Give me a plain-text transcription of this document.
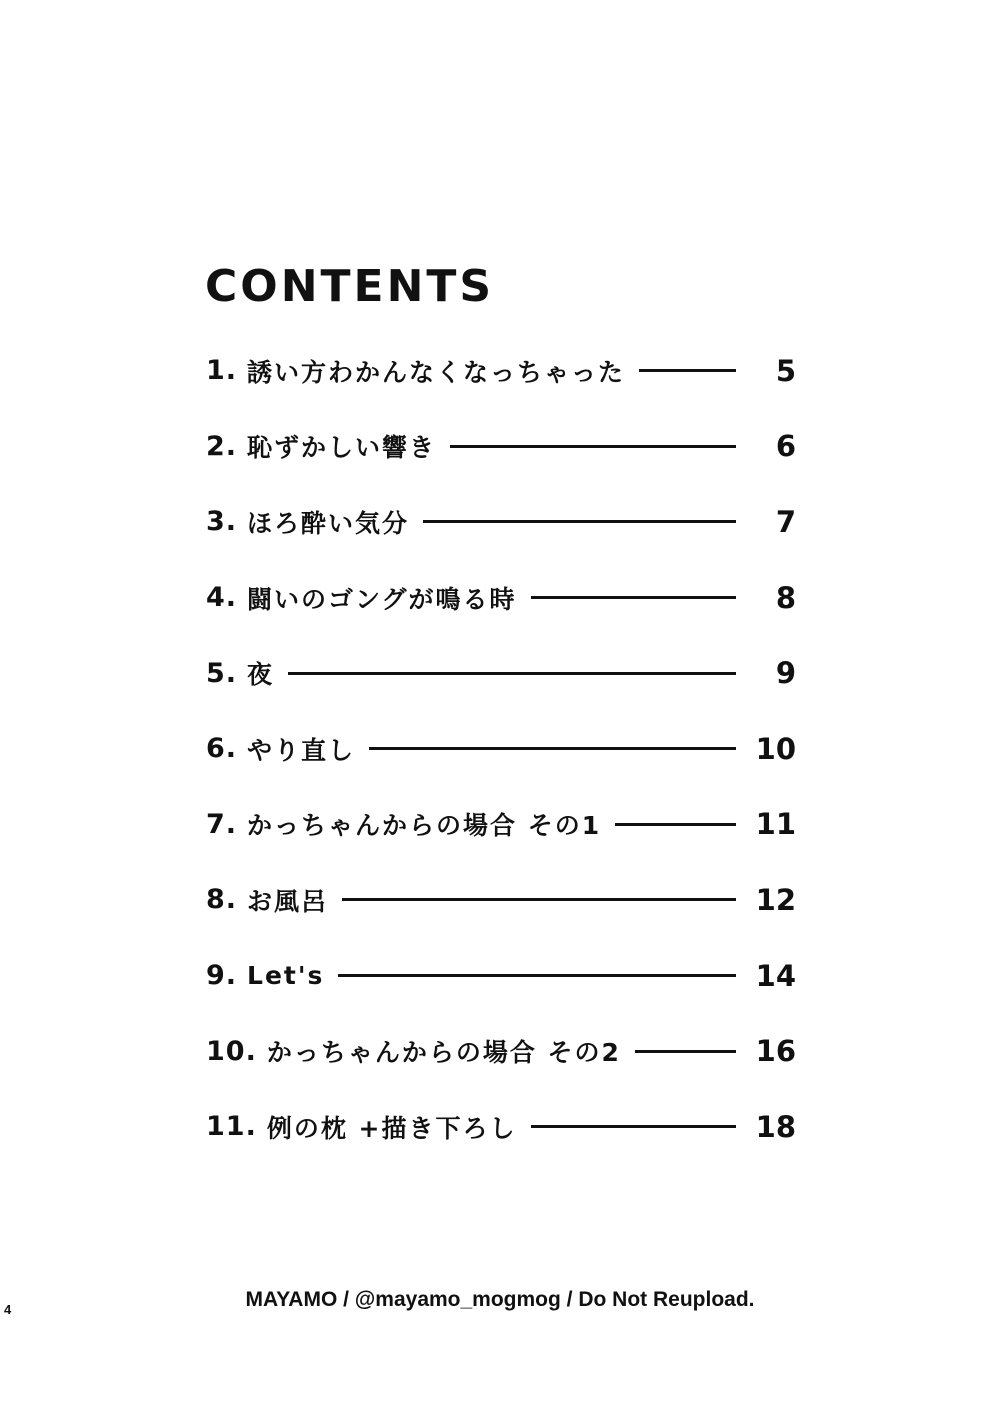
CONTENTS
1. 誘い方わかんなくなっちゃった	5
2. 恥ずかしい響き	6
3. ほろ酔い気分	7
4. 闘いのゴングが鳴る時	8
5. 夜	9
6. やり直し	10
7. かっちゃんからの場合 その1	11
8. お風呂	12
9. Let's	14
10. かっちゃんからの場合 その2	16
11. 例の枕 +描き下ろし	18
MAYAMO / @mayamo_mogmog / Do Not Reupload.
4
